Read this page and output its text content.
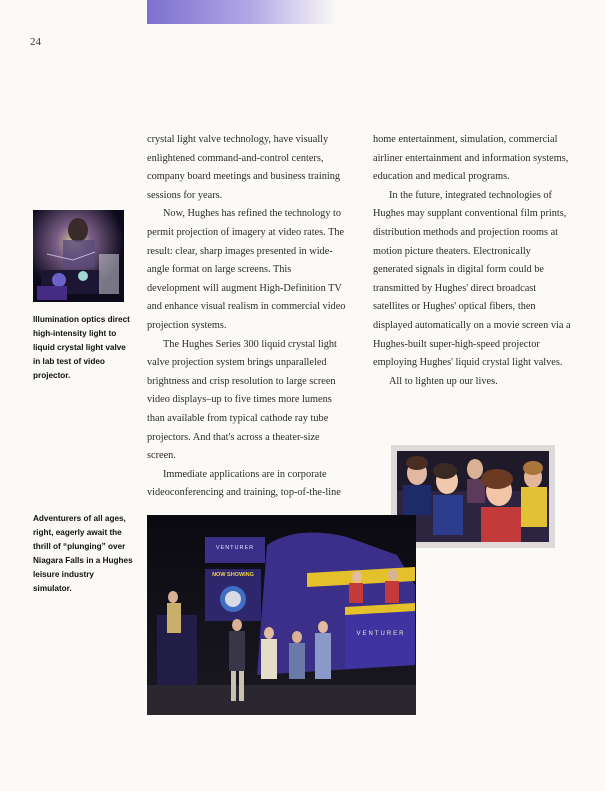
24

crystal light valve technology, have visually enlightened command-and-control centers, company board meetings and business training sessions for years.

Now, Hughes has refined the technology to permit projection of imagery at video rates. The result: clear, sharp images presented in wide-angle format on large screens. This development will augment High-Definition TV and enhance visual realism in commercial video projection systems.

The Hughes Series 300 liquid crystal light valve projection system brings unparalleled brightness and crisp resolution to large screen video displays–up to five times more lumens than available from typical cathode ray tube projectors. And that's across a theater-size screen.

Immediate applications are in corporate videoconferencing and training, top-of-the-line

home entertainment, simulation, commercial airliner entertainment and information systems, education and medical programs.

In the future, integrated technologies of Hughes may supplant conventional film prints, distribution methods and projection rooms at motion picture theaters. Electronically generated signals in digital form could be transmitted by Hughes' direct broadcast satellites or Hughes' optical fibers, then displayed automatically on a movie screen via a Hughes-built super-high-speed projector employing Hughes' liquid crystal light valves.

All to lighten up our lives.

Illumination optics direct high-intensity light to liquid crystal light valve in lab test of video projector.
VENTURER
NOW SHOWING
VENTURER
Adventurers of all ages, right, eagerly await the thrill of “plunging” over Niagara Falls in a Hughes leisure industry simulator.
